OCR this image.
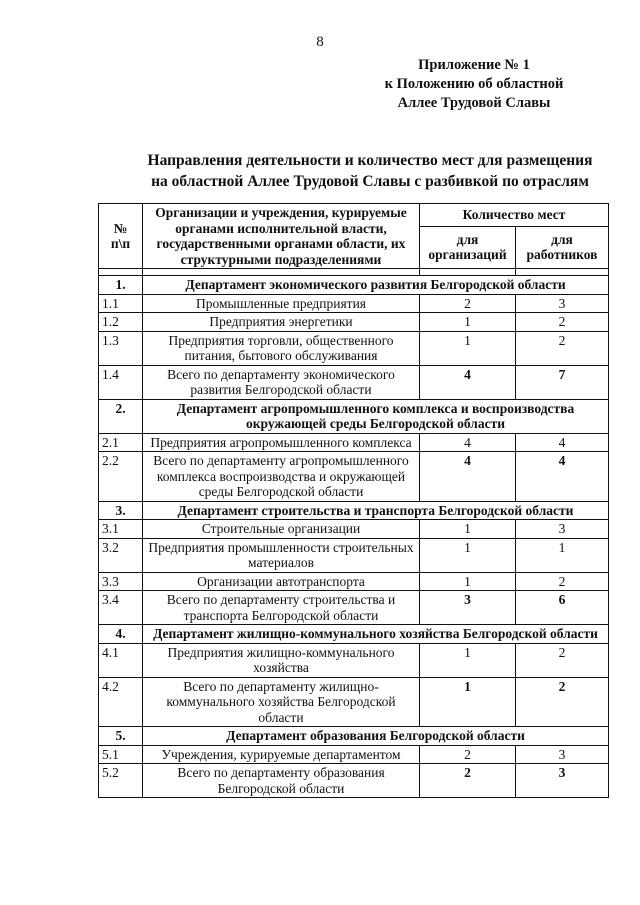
8
Приложение № 1
к Положению об областной
Аллее Трудовой Славы
Направления деятельности и количество мест для размещения
на областной Аллее Трудовой Славы с разбивкой по отраслям
№
п\п	Организации и учреждения, курируемые органами исполнительной власти, государственными органами области, их структурными подразделениями	Количество мест	
		для организаций	для работников

1.	Департамент экономического развития Белгородской области		
1.1	Промышленные предприятия	2	3
1.2	Предприятия энергетики	1	2
1.3	Предприятия торговли, общественного питания, бытового обслуживания	1	2
1.4	Всего по департаменту экономического развития Белгородской области	4	7
2.	Департамент агропромышленного комплекса и воспроизводства окружающей среды Белгородской области		
2.1	Предприятия агропромышленного комплекса	4	4
2.2	Всего по департаменту агропромышленного комплекса воспроизводства и окружающей среды Белгородской области	4	4
3.	Департамент строительства и транспорта Белгородской области		
3.1	Строительные организации	1	3
3.2	Предприятия промышленности строительных материалов	1	1
3.3	Организации автотранспорта	1	2
3.4	Всего по департаменту строительства и транспорта Белгородской области	3	6
4.	Департамент жилищно-коммунального хозяйства Белгородской области		
4.1	Предприятия жилищно-коммунального хозяйства	1	2
4.2	Всего по департаменту жилищно-коммунального хозяйства Белгородской области	1	2
5.	Департамент образования Белгородской области		
5.1	Учреждения, курируемые департаментом	2	3
5.2	Всего по департаменту образования Белгородской области	2	3
